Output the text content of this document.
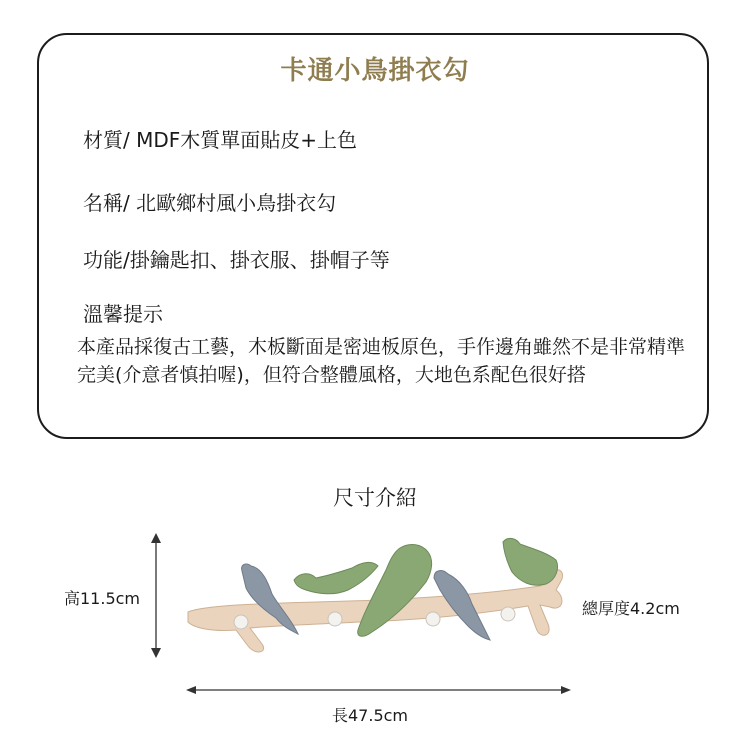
卡通小鳥掛衣勾
材質/ MDF木質單面貼皮+上色
名稱/ 北歐鄉村風小鳥掛衣勾
功能/掛鑰匙扣、掛衣服、掛帽子等
溫馨提示
本產品採復古工藝，木板斷面是密迪板原色，手作邊角雖然不是非常精準完美(介意者慎拍喔)，但符合整體風格，大地色系配色很好搭
尺寸介紹
高11.5cm
總厚度4.2cm
長47.5cm
